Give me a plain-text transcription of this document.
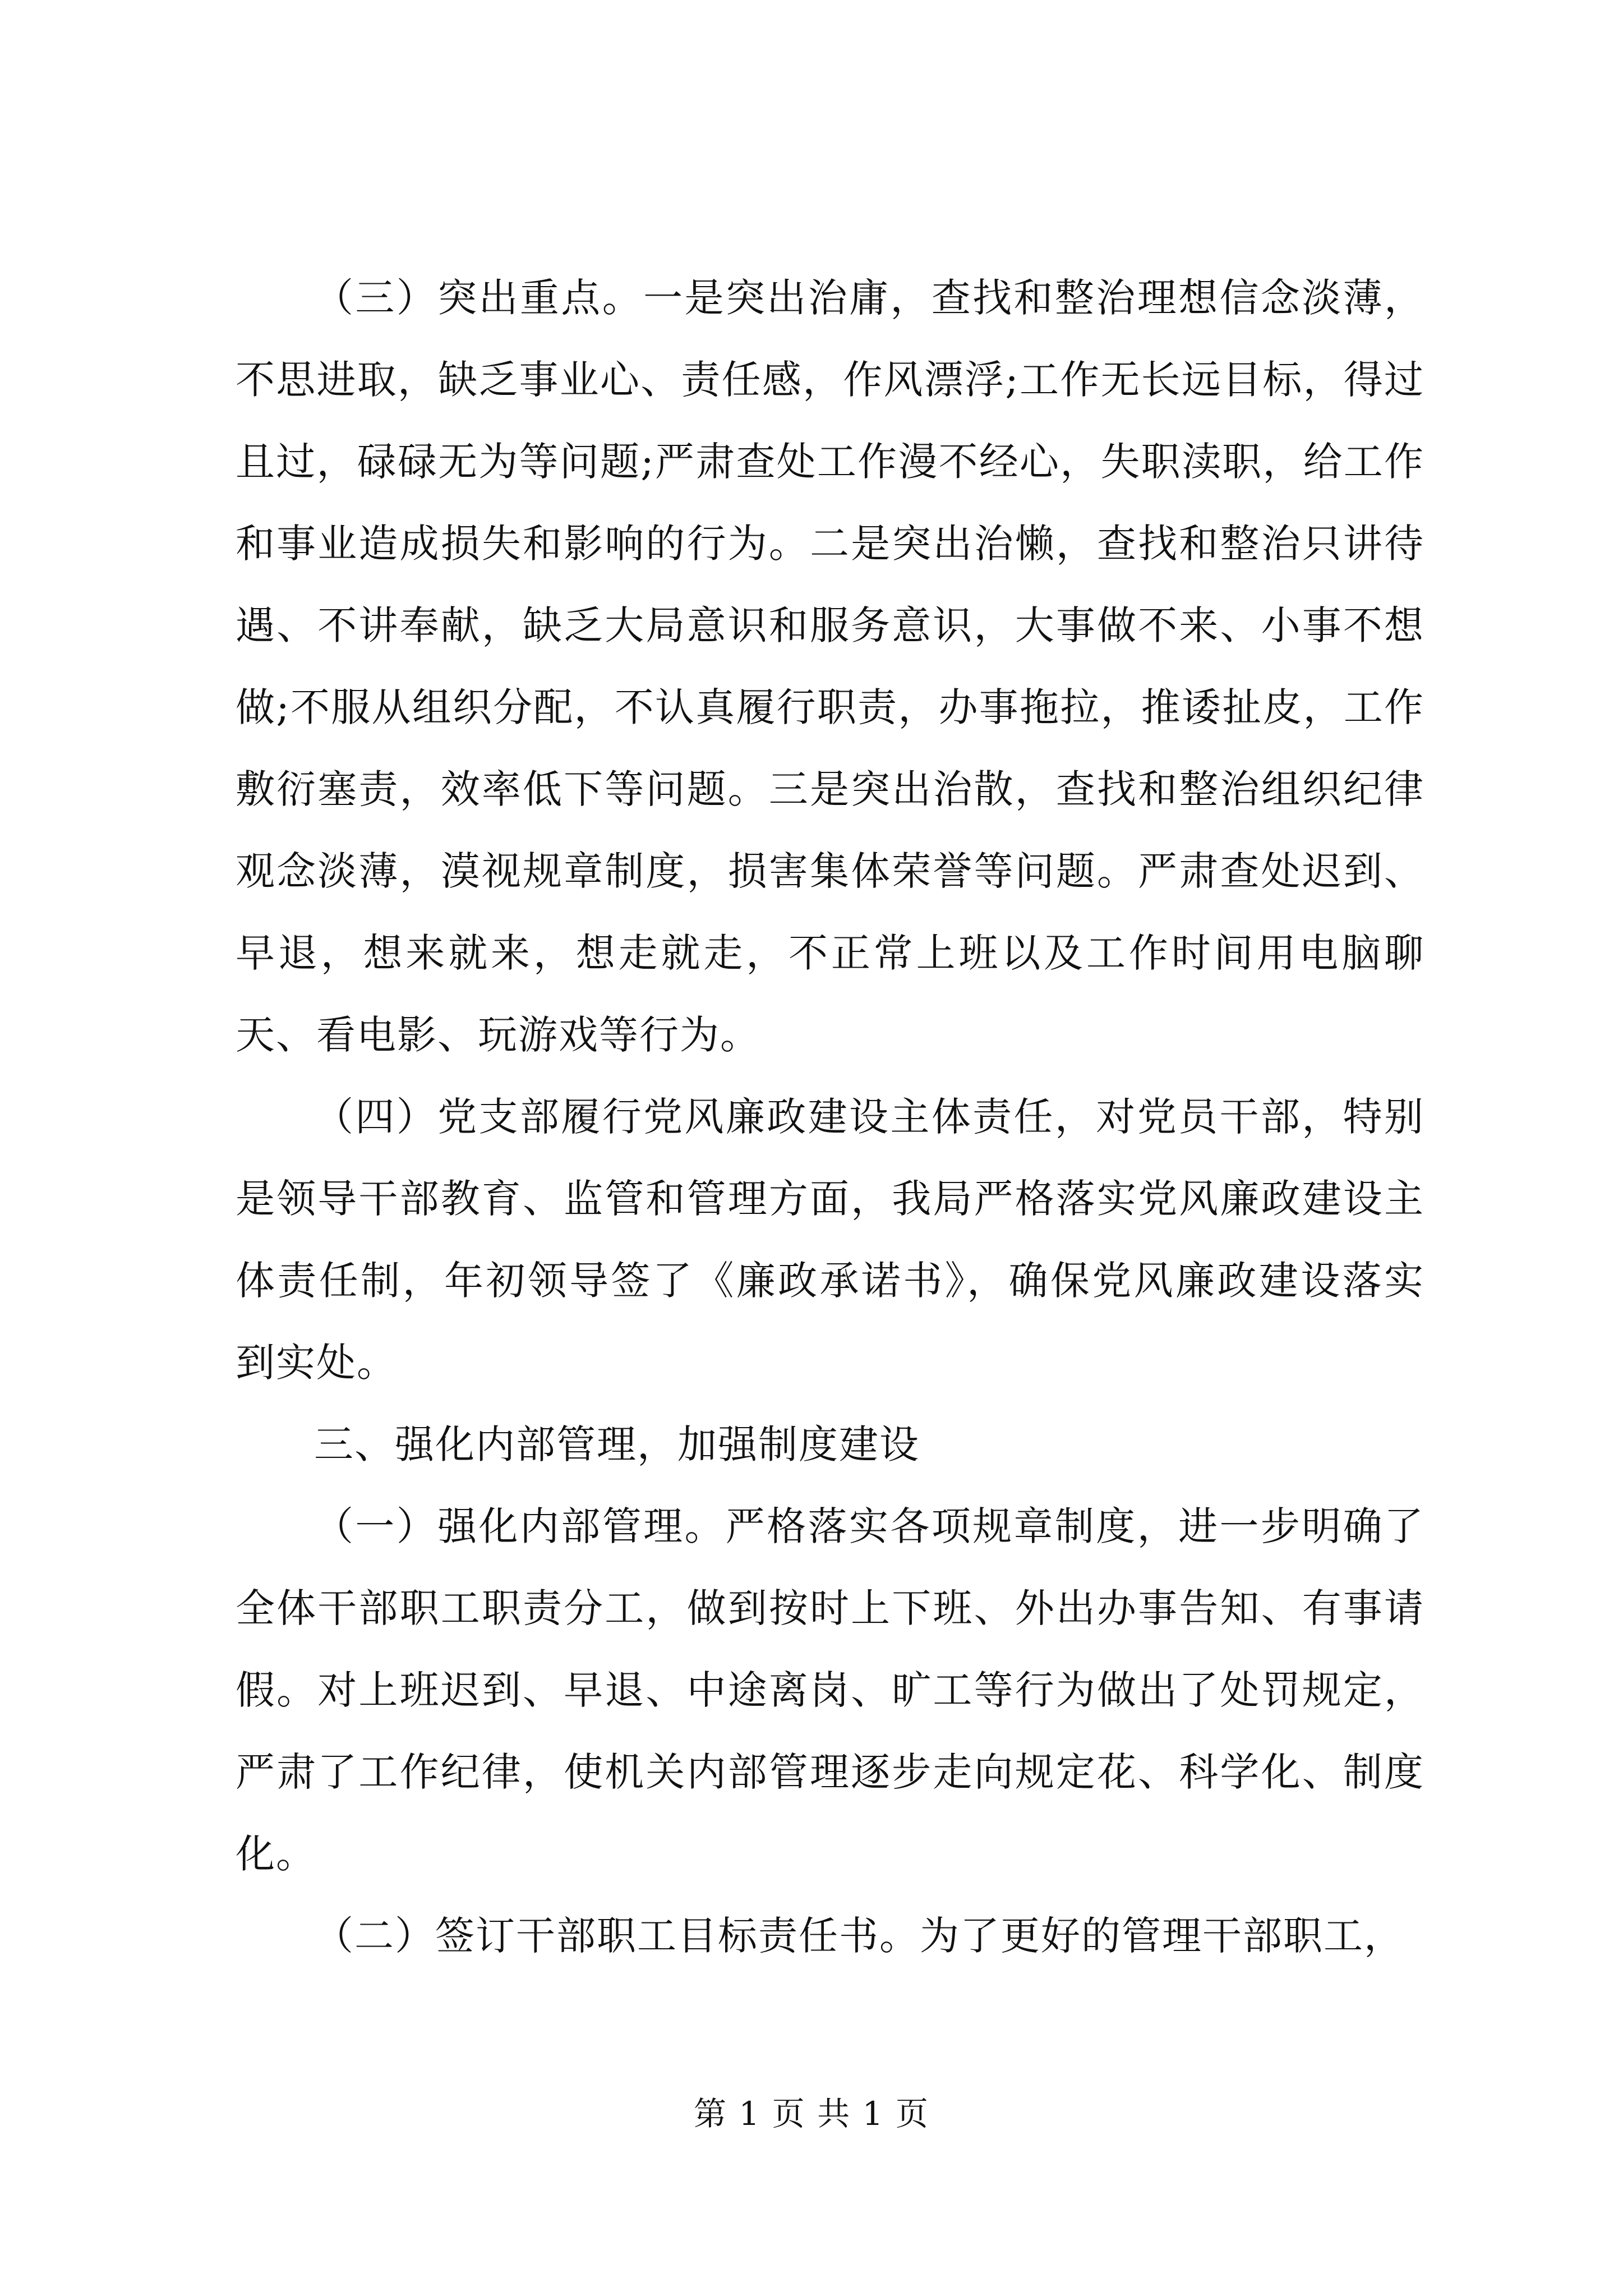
（三）突出重点。一是突出治庸，查找和整治理想信念淡薄，不思进取，缺乏事业心、责任感，作风漂浮;工作无长远目标，得过且过，碌碌无为等问题;严肃查处工作漫不经心，失职渎职，给工作和事业造成损失和影响的行为。二是突出治懒，查找和整治只讲待遇、不讲奉献，缺乏大局意识和服务意识，大事做不来、小事不想做;不服从组织分配，不认真履行职责，办事拖拉，推诿扯皮，工作敷衍塞责，效率低下等问题。三是突出治散，查找和整治组织纪律观念淡薄，漠视规章制度，损害集体荣誉等问题。严肃查处迟到、早退，想来就来，想走就走，不正常上班以及工作时间用电脑聊天、看电影、玩游戏等行为。

（四）党支部履行党风廉政建设主体责任，对党员干部，特别是领导干部教育、监管和管理方面，我局严格落实党风廉政建设主体责任制，年初领导签了《廉政承诺书》，确保党风廉政建设落实到实处。

三、强化内部管理，加强制度建设

（一）强化内部管理。严格落实各项规章制度，进一步明确了全体干部职工职责分工，做到按时上下班、外出办事告知、有事请假。对上班迟到、早退、中途离岗、旷工等行为做出了处罚规定，严肃了工作纪律，使机关内部管理逐步走向规定花、科学化、制度化。

（二）签订干部职工目标责任书。为了更好的管理干部职工，

第 1 页 共 1 页
